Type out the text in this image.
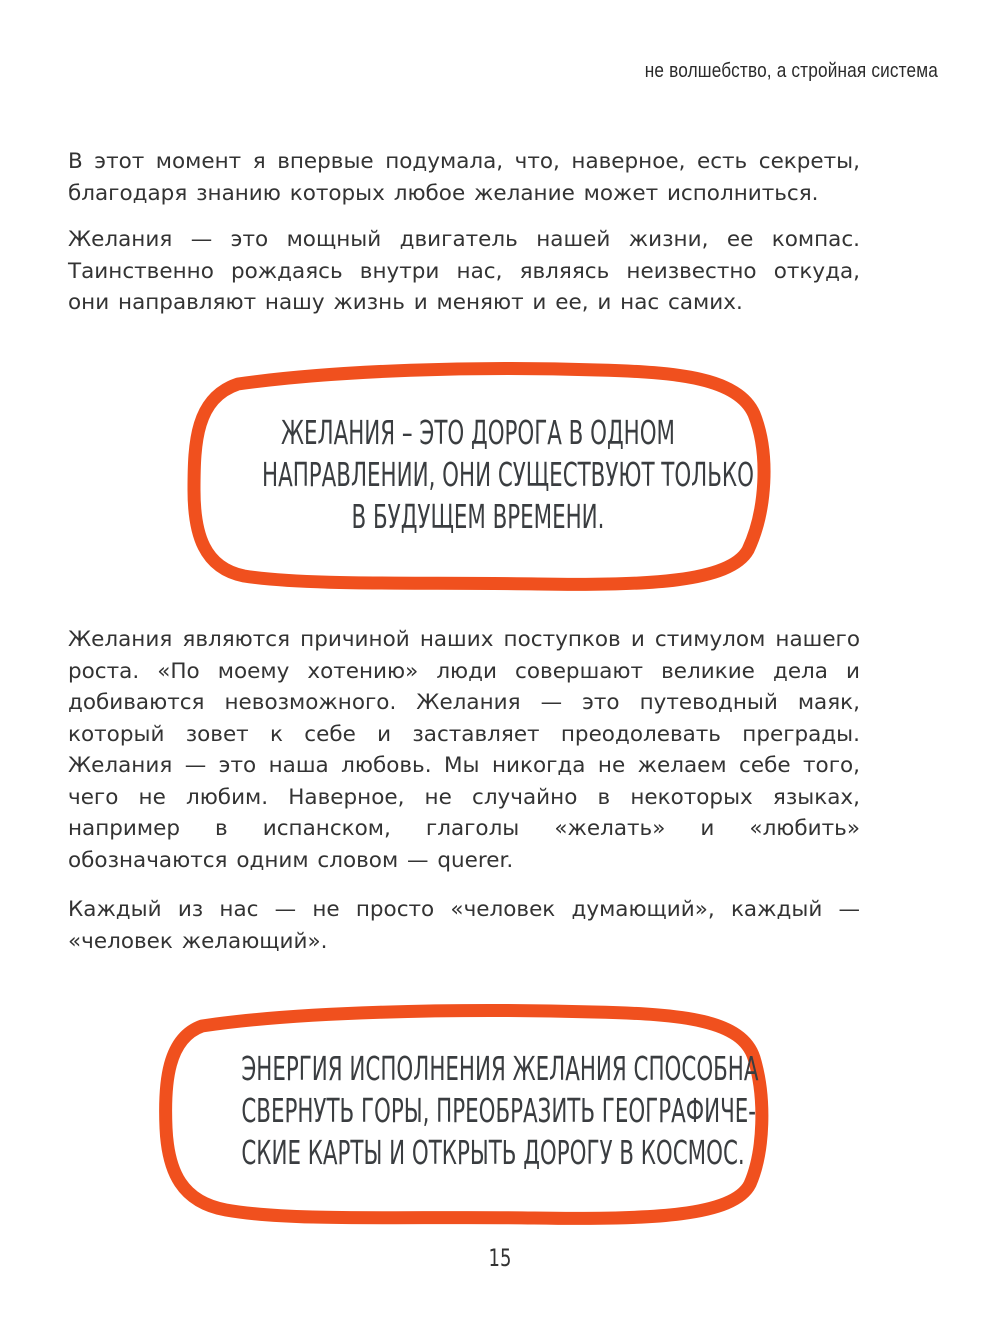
не волшебство, а стройная система

В этот момент я впервые подумала, что, наверное, есть секреты, благодаря знанию которых любое желание может исполниться.

Желания — это мощный двигатель нашей жизни, ее компас. Таинственно рождаясь внутри нас, являясь неизвестно откуда, они направляют нашу жизнь и меняют и ее, и нас самих.

ЖЕЛАНИЯ – ЭТО ДОРОГА В ОДНОМ
НАПРАВЛЕНИИ, ОНИ СУЩЕСТВУЮТ ТОЛЬКО
В БУДУЩЕМ ВРЕМЕНИ.

Желания являются причиной наших поступков и стимулом нашего роста. «По моему хотению» люди совершают великие дела и добиваются невозможного. Желания — это путеводный маяк, который зовет к себе и заставляет преодолевать преграды. Желания — это наша любовь. Мы никогда не желаем себе того, чего не любим. Наверное, не случайно в некоторых языках, например в испанском, глаголы «желать» и «любить» обозначаются одним словом — querer.

Каждый из нас — не просто «человек думающий», каждый — «человек желающий».

ЭНЕРГИЯ ИСПОЛНЕНИЯ ЖЕЛАНИЯ СПОСОБНА
СВЕРНУТЬ ГОРЫ, ПРЕОБРАЗИТЬ ГЕОГРАФИЧЕ-
СКИЕ КАРТЫ И ОТКРЫТЬ ДОРОГУ В КОСМОС.
15
